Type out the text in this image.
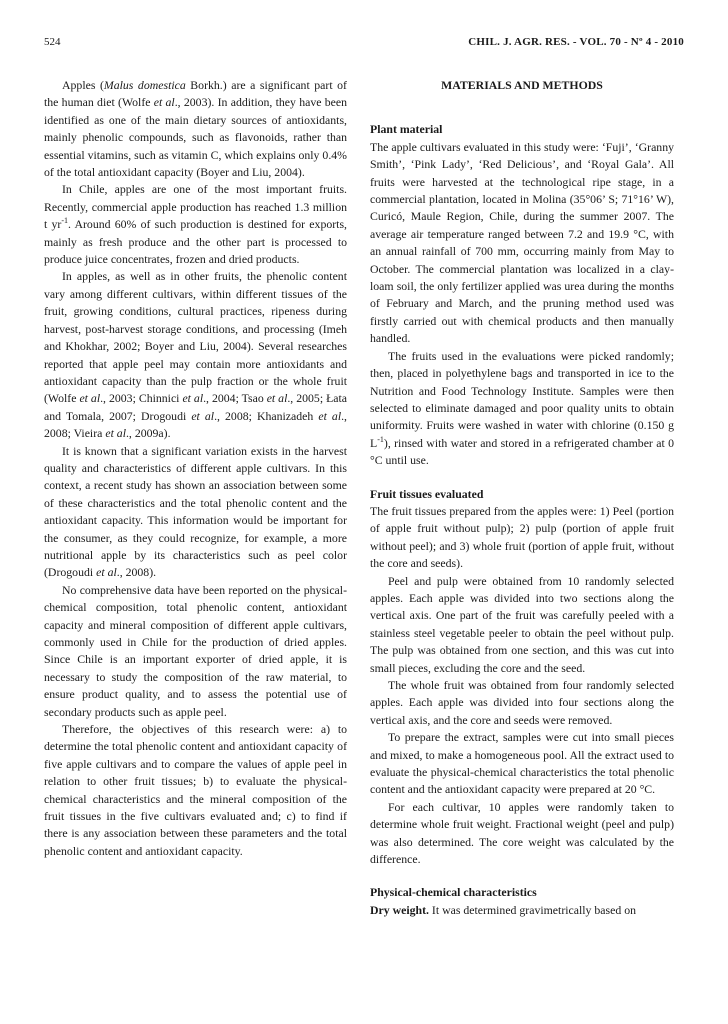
524	CHIL. J. AGR. RES. - VOL. 70 - Nº 4 - 2010

Apples (Malus domestica Borkh.) are a significant part of the human diet (Wolfe et al., 2003). In addition, they have been identified as one of the main dietary sources of antioxidants, mainly phenolic compounds, such as flavonoids, rather than essential vitamins, such as vitamin C, which explains only 0.4% of the total antioxidant capacity (Boyer and Liu, 2004).

In Chile, apples are one of the most important fruits. Recently, commercial apple production has reached 1.3 million t $yr^{-1}$. Around 60% of such production is destined for exports, mainly as fresh produce and the other part is processed to produce juice concentrates, frozen and dried products.

In apples, as well as in other fruits, the phenolic content vary among different cultivars, within different tissues of the fruit, growing conditions, cultural practices, ripeness during harvest, post-harvest storage conditions, and processing (Imeh and Khokhar, 2002; Boyer and Liu, 2004). Several researches reported that apple peel may contain more antioxidants and antioxidant capacity than the pulp fraction or the whole fruit (Wolfe et al., 2003; Chinnici et al., 2004; Tsao et al., 2005; Łata and Tomala, 2007; Drogoudi et al., 2008; Khanizadeh et al., 2008; Vieira et al., 2009a).

It is known that a significant variation exists in the harvest quality and characteristics of different apple cultivars. In this context, a recent study has shown an association between some of these characteristics and the total phenolic content and the antioxidant capacity. This information would be important for the consumer, as they could recognize, for example, a more nutritional apple by its characteristics such as peel color (Drogoudi et al., 2008).

No comprehensive data have been reported on the physical-chemical composition, total phenolic content, antioxidant capacity and mineral composition of different apple cultivars, commonly used in Chile for the production of dried apples. Since Chile is an important exporter of dried apple, it is necessary to study the composition of the raw material, to ensure product quality, and to assess the potential use of secondary products such as apple peel.

Therefore, the objectives of this research were: a) to determine the total phenolic content and antioxidant capacity of five apple cultivars and to compare the values of apple peel in relation to other fruit tissues; b) to evaluate the physical-chemical characteristics and the mineral composition of the fruit tissues in the five cultivars evaluated and; c) to find if there is any association between these parameters and the total phenolic content and antioxidant capacity.

MATERIALS AND METHODS
Plant material

The apple cultivars evaluated in this study were: ‘Fuji’, ‘Granny Smith’, ‘Pink Lady’, ‘Red Delicious’, and ‘Royal Gala’. All fruits were harvested at the technological ripe stage, in a commercial plantation, located in Molina (35°06’ S; 71°16’ W), Curicó, Maule Region, Chile, during the summer 2007. The average air temperature ranged between 7.2 and 19.9 °C, with an annual rainfall of 700 mm, occurring mainly from May to October. The commercial plantation was localized in a clay-loam soil, the only fertilizer applied was urea during the months of February and March, and the pruning method used was firstly carried out with chemical products and then manually handled.

The fruits used in the evaluations were picked randomly; then, placed in polyethylene bags and transported in ice to the Nutrition and Food Technology Institute. Samples were then selected to eliminate damaged and poor quality units to obtain uniformity. Fruits were washed in water with chlorine (0.150 g $L^{-1}$), rinsed with water and stored in a refrigerated chamber at 0 °C until use.

Fruit tissues evaluated

The fruit tissues prepared from the apples were: 1) Peel (portion of apple fruit without pulp); 2) pulp (portion of apple fruit without peel); and 3) whole fruit (portion of apple fruit, without the core and seeds).

Peel and pulp were obtained from 10 randomly selected apples. Each apple was divided into two sections along the vertical axis. One part of the fruit was carefully peeled with a stainless steel vegetable peeler to obtain the peel without pulp. The pulp was obtained from one section, and this was cut into small pieces, excluding the core and the seed.

The whole fruit was obtained from four randomly selected apples. Each apple was divided into four sections along the vertical axis, and the core and seeds were removed.

To prepare the extract, samples were cut into small pieces and mixed, to make a homogeneous pool. All the extract used to evaluate the physical-chemical characteristics the total phenolic content and the antioxidant capacity were prepared at 20 °C.

For each cultivar, 10 apples were randomly taken to determine whole fruit weight. Fractional weight (peel and pulp) was also determined. The core weight was calculated by the difference.

Physical-chemical characteristics

Dry weight. It was determined gravimetrically based on
